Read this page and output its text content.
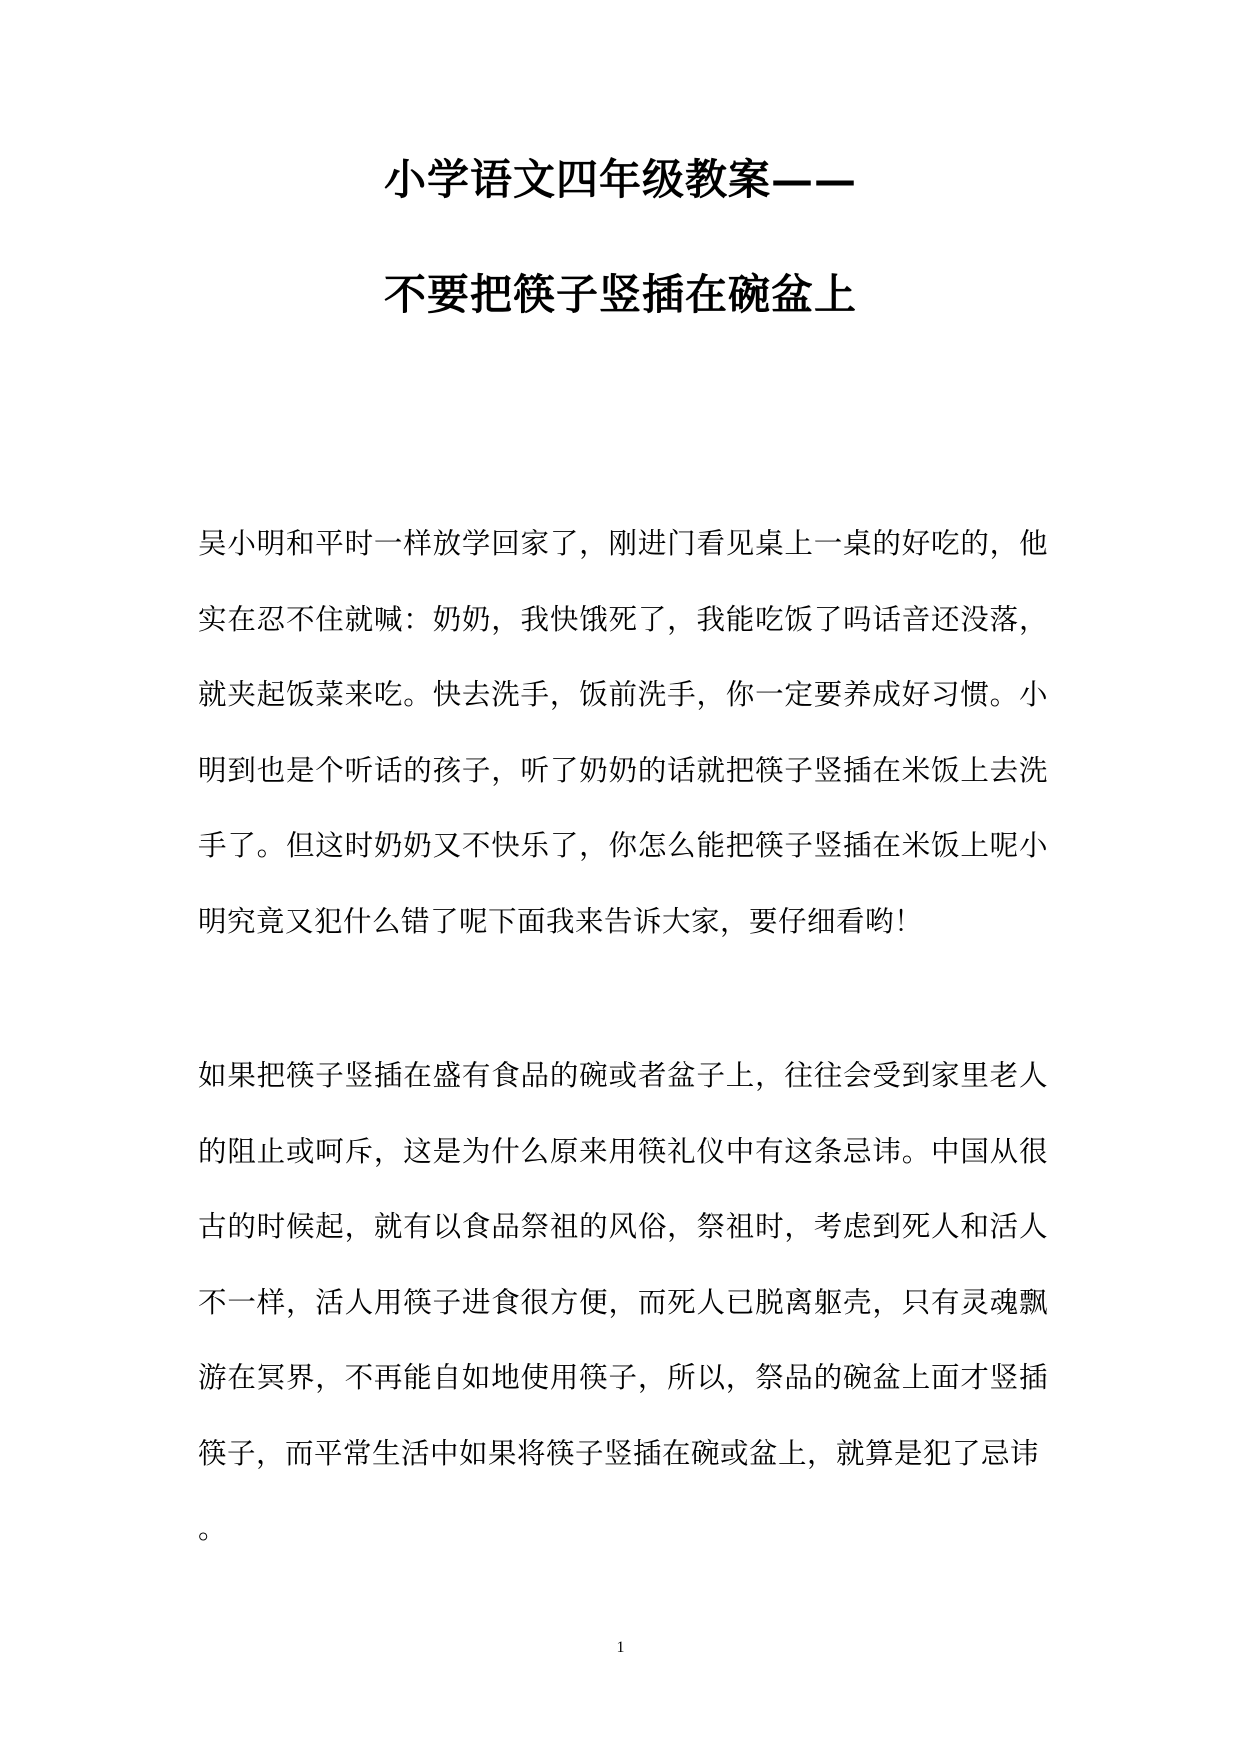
小学语文四年级教案——
不要把筷子竖插在碗盆上

吴小明和平时一样放学回家了，刚进门看见桌上一桌的好吃的，他实在忍不住就喊：奶奶，我快饿死了，我能吃饭了吗话音还没落，就夹起饭菜来吃。快去洗手，饭前洗手，你一定要养成好习惯。小明到也是个听话的孩子，听了奶奶的话就把筷子竖插在米饭上去洗手了。但这时奶奶又不快乐了，你怎么能把筷子竖插在米饭上呢小明究竟又犯什么错了呢下面我来告诉大家，要仔细看哟！

如果把筷子竖插在盛有食品的碗或者盆子上，往往会受到家里老人的阻止或呵斥，这是为什么原来用筷礼仪中有这条忌讳。中国从很古的时候起，就有以食品祭祖的风俗，祭祖时，考虑到死人和活人不一样，活人用筷子进食很方便，而死人已脱离躯壳，只有灵魂飘游在冥界，不再能自如地使用筷子，所以，祭品的碗盆上面才竖插筷子，而平常生活中如果将筷子竖插在碗或盆上，就算是犯了忌讳
。
1
